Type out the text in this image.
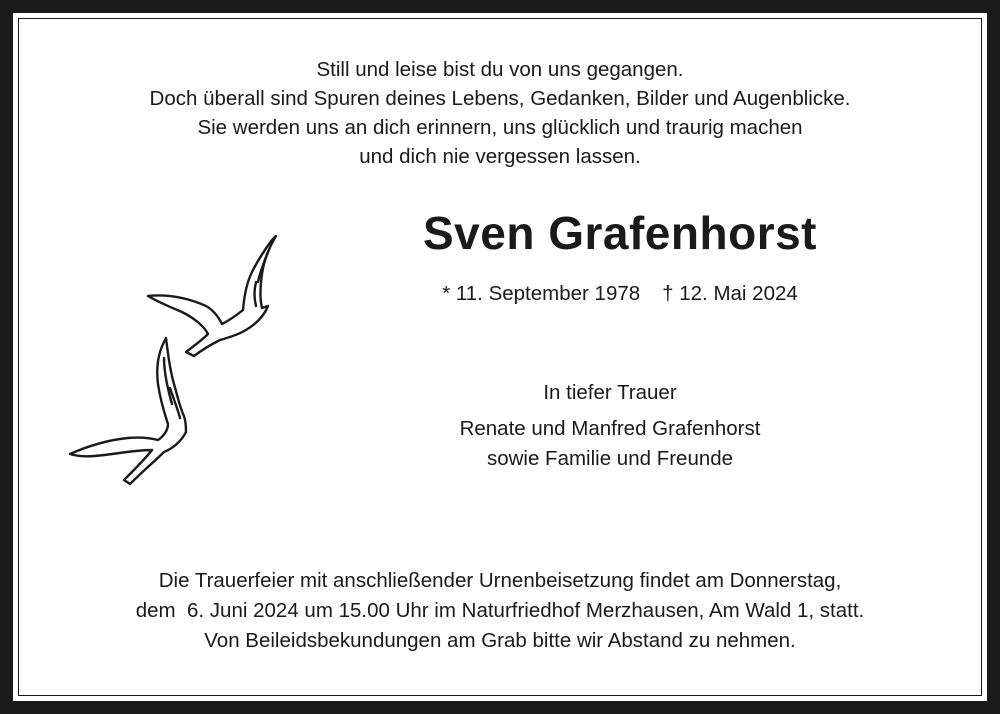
Still und leise bist du von uns gegangen.
Doch überall sind Spuren deines Lebens, Gedanken, Bilder und Augenblicke.
Sie werden uns an dich erinnern, uns glücklich und traurig machen
und dich nie vergessen lassen.
Sven Grafenhorst
* 11. September 1978 † 12. Mai 2024
In tiefer Trauer
Renate und Manfred Grafenhorst
sowie Familie und Freunde
Die Trauerfeier mit anschließender Urnenbeisetzung findet am Donnerstag,
dem  6. Juni 2024 um 15.00 Uhr im Naturfriedhof Merzhausen, Am Wald 1, statt.
Von Beileidsbekundungen am Grab bitte wir Abstand zu nehmen.
